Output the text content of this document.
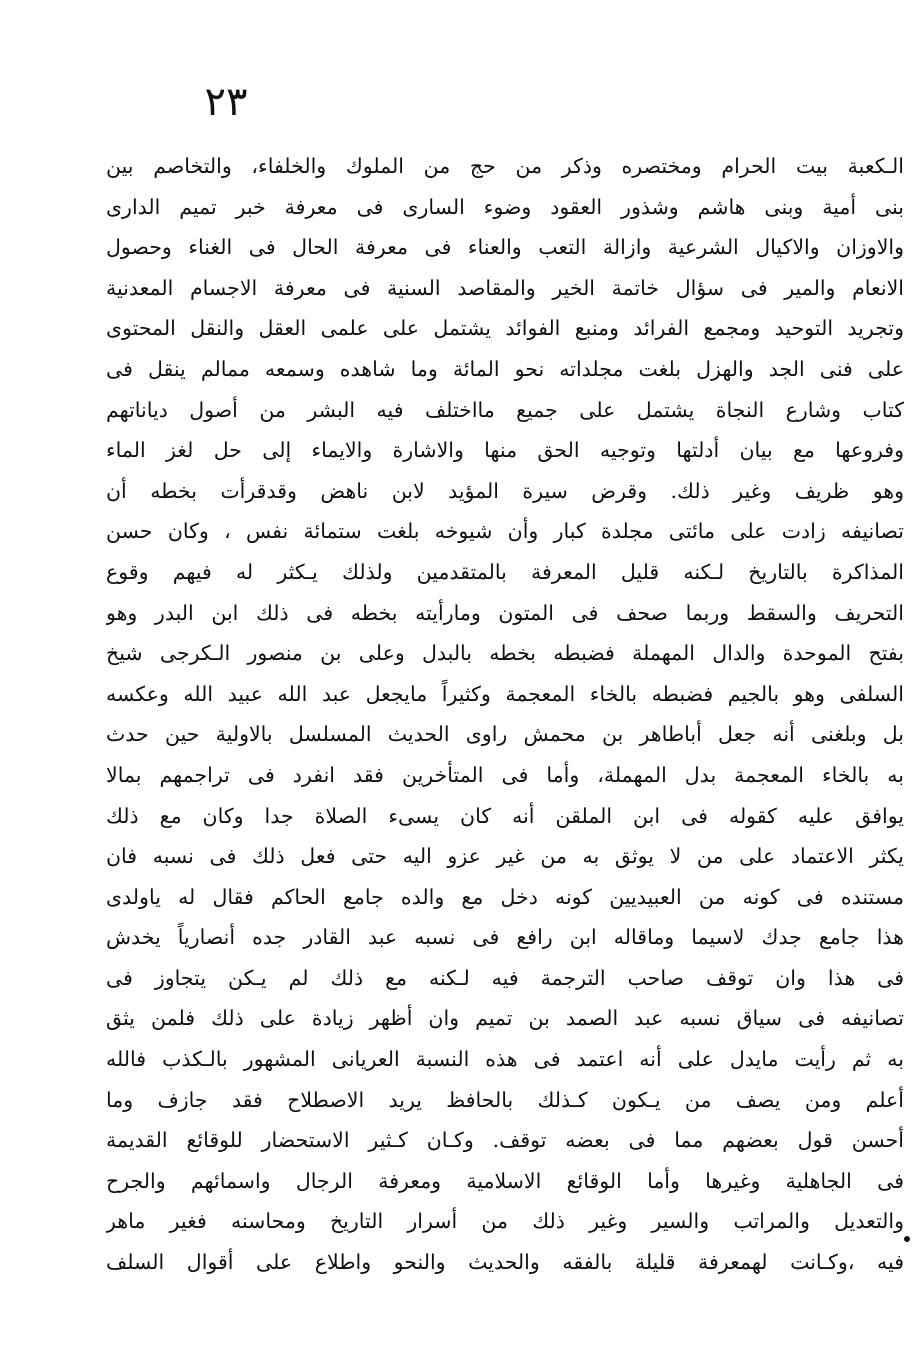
٢٣
الـكعبة بيت الحرام ومختصره وذكر من حج من الملوك والخلفاء، والتخاصم بين
بنى أمية وبنى هاشم وشذور العقود وضوء السارى فى معرفة خبر تميم الدارى
والاوزان والاكيال الشرعية وازالة التعب والعناء فى معرفة الحال فى الغناء وحصول
الانعام والمير فى سؤال خاتمة الخير والمقاصد السنية فى معرفة الاجسام المعدنية
وتجريد التوحيد ومجمع الفرائد ومنبع الفوائد يشتمل على علمى العقل والنقل المحتوى
على فنى الجد والهزل بلغت مجلداته نحو المائة وما شاهده وسمعه ممالم ينقل فى
كتاب وشارع النجاة يشتمل على جميع مااختلف فيه البشر من أصول دياناتهم
وفروعها مع بيان أدلتها وتوجيه الحق منها والاشارة والايماء إلى حل لغز الماء
وهو ظريف وغير ذلك. وقرض سيرة المؤيد لابن ناهض وقدقرأت بخطه أن
تصانيفه زادت على مائتى مجلدة كبار وأن شيوخه بلغت ستمائة نفس ، وكان حسن
المذاكرة بالتاريخ لـكنه قليل المعرفة بالمتقدمين ولذلك يـكثر له فيهم وقوع
التحريف والسقط وربما صحف فى المتون ومارأيته بخطه فى ذلك ابن البدر وهو
بفتح الموحدة والدال المهملة فضبطه بخطه بالبدل وعلى بن منصور الـكرجى شيخ
السلفى وهو بالجيم فضبطه بالخاء المعجمة وكثيراً مايجعل عبد الله عبيد الله وعكسه
بل وبلغنى أنه جعل أباطاهر بن محمش راوى الحديث المسلسل بالاولية حين حدث
به بالخاء المعجمة بدل المهملة، وأما فى المتأخرين فقد انفرد فى تراجمهم بمالا
يوافق عليه كقوله فى ابن الملقن أنه كان يسىء الصلاة جدا وكان مع ذلك
يكثر الاعتماد على من لا يوثق به من غير عزو اليه حتى فعل ذلك فى نسبه فان
مستنده فى كونه من العبيديين كونه دخل مع والده جامع الحاكم فقال له ياولدى
هذا جامع جدك لاسيما وماقاله ابن رافع فى نسبه عبد القادر جده أنصارياً يخدش
فى هذا وان توقف صاحب الترجمة فيه لـكنه مع ذلك لم يـكن يتجاوز فى
تصانيفه فى سياق نسبه عبد الصمد بن تميم وان أظهر زيادة على ذلك فلمن يثق
به ثم رأيت مايدل على أنه اعتمد فى هذه النسبة العريانى المشهور بالـكذب فالله
أعلم ومن يصف من يـكون كـذلك بالحافظ يريد الاصطلاح فقد جازف وما
أحسن قول بعضهم مما فى بعضه توقف. وكـان كـثير الاستحضار للوقائع القديمة
فى الجاهلية وغيرها وأما الوقائع الاسلامية ومعرفة الرجال واسمائهم والجرح
والتعديل والمراتب والسير وغير ذلك من أسرار التاريخ ومحاسنه فغير ماهر
فيه ،وكـانت لهمعرفة قليلة بالفقه والحديث والنحو واطلاع على أقوال السلف
